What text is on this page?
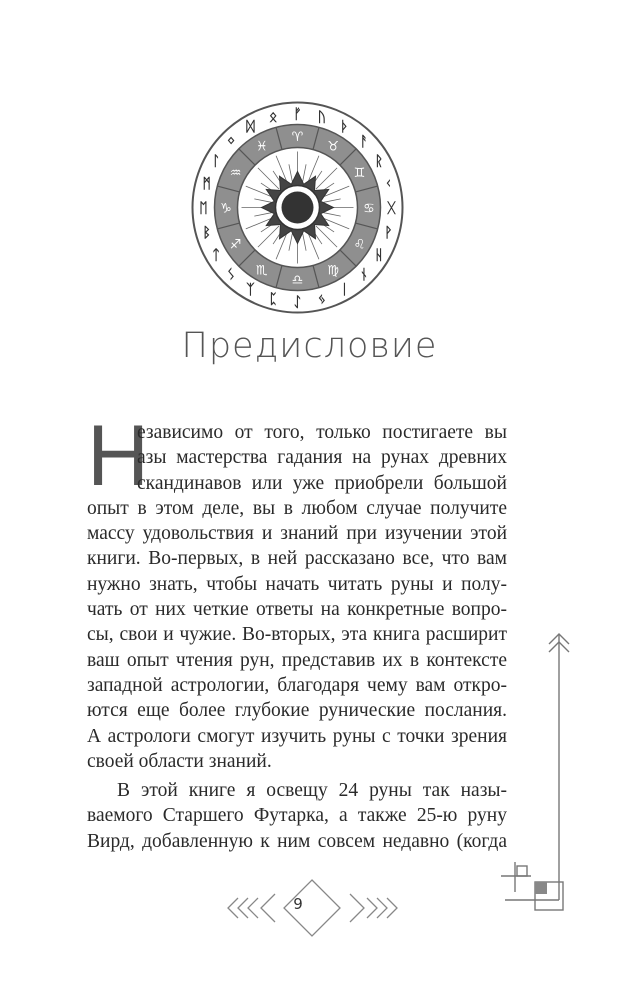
♈
♉
♊
♋
♌
♍
♎
♏
♐
♑
♒
♓
ᚠ ᚢ
ᚦ
ᚨ
ᚱ
ᚲ
ᚷ
ᚹ
ᚺ
ᚾ
ᛁ
ᛃ
ᛇ
ᛈ
ᛉ
ᛊ
ᛏ
ᛒ
ᛖ
ᛗ
ᛚ
ᛜ
ᛞ
ᛟ
Предисловие
Н
езависимо от того, только постигаете вы
азы мастерства гадания на рунах древних
скандинавов или уже приобрели большой
опыт в этом деле, вы в любом случае получите
массу удовольствия и знаний при изучении этой
книги. Во-первых, в ней рассказано все, что вам
нужно знать, чтобы начать читать руны и полу-
чать от них четкие ответы на конкретные вопро-
сы, свои и чужие. Во-вторых, эта книга расширит
ваш опыт чтения рун, представив их в контексте
западной астрологии, благодаря чему вам откро-
ются еще более глубокие рунические послания.
А астрологи смогут изучить руны с точки зрения
своей области знаний.
В этой книге я освещу 24 руны так назы-
ваемого Старшего Футарка, а также 25-ю руну
Вирд, добавленную к ним совсем недавно (когда
9
